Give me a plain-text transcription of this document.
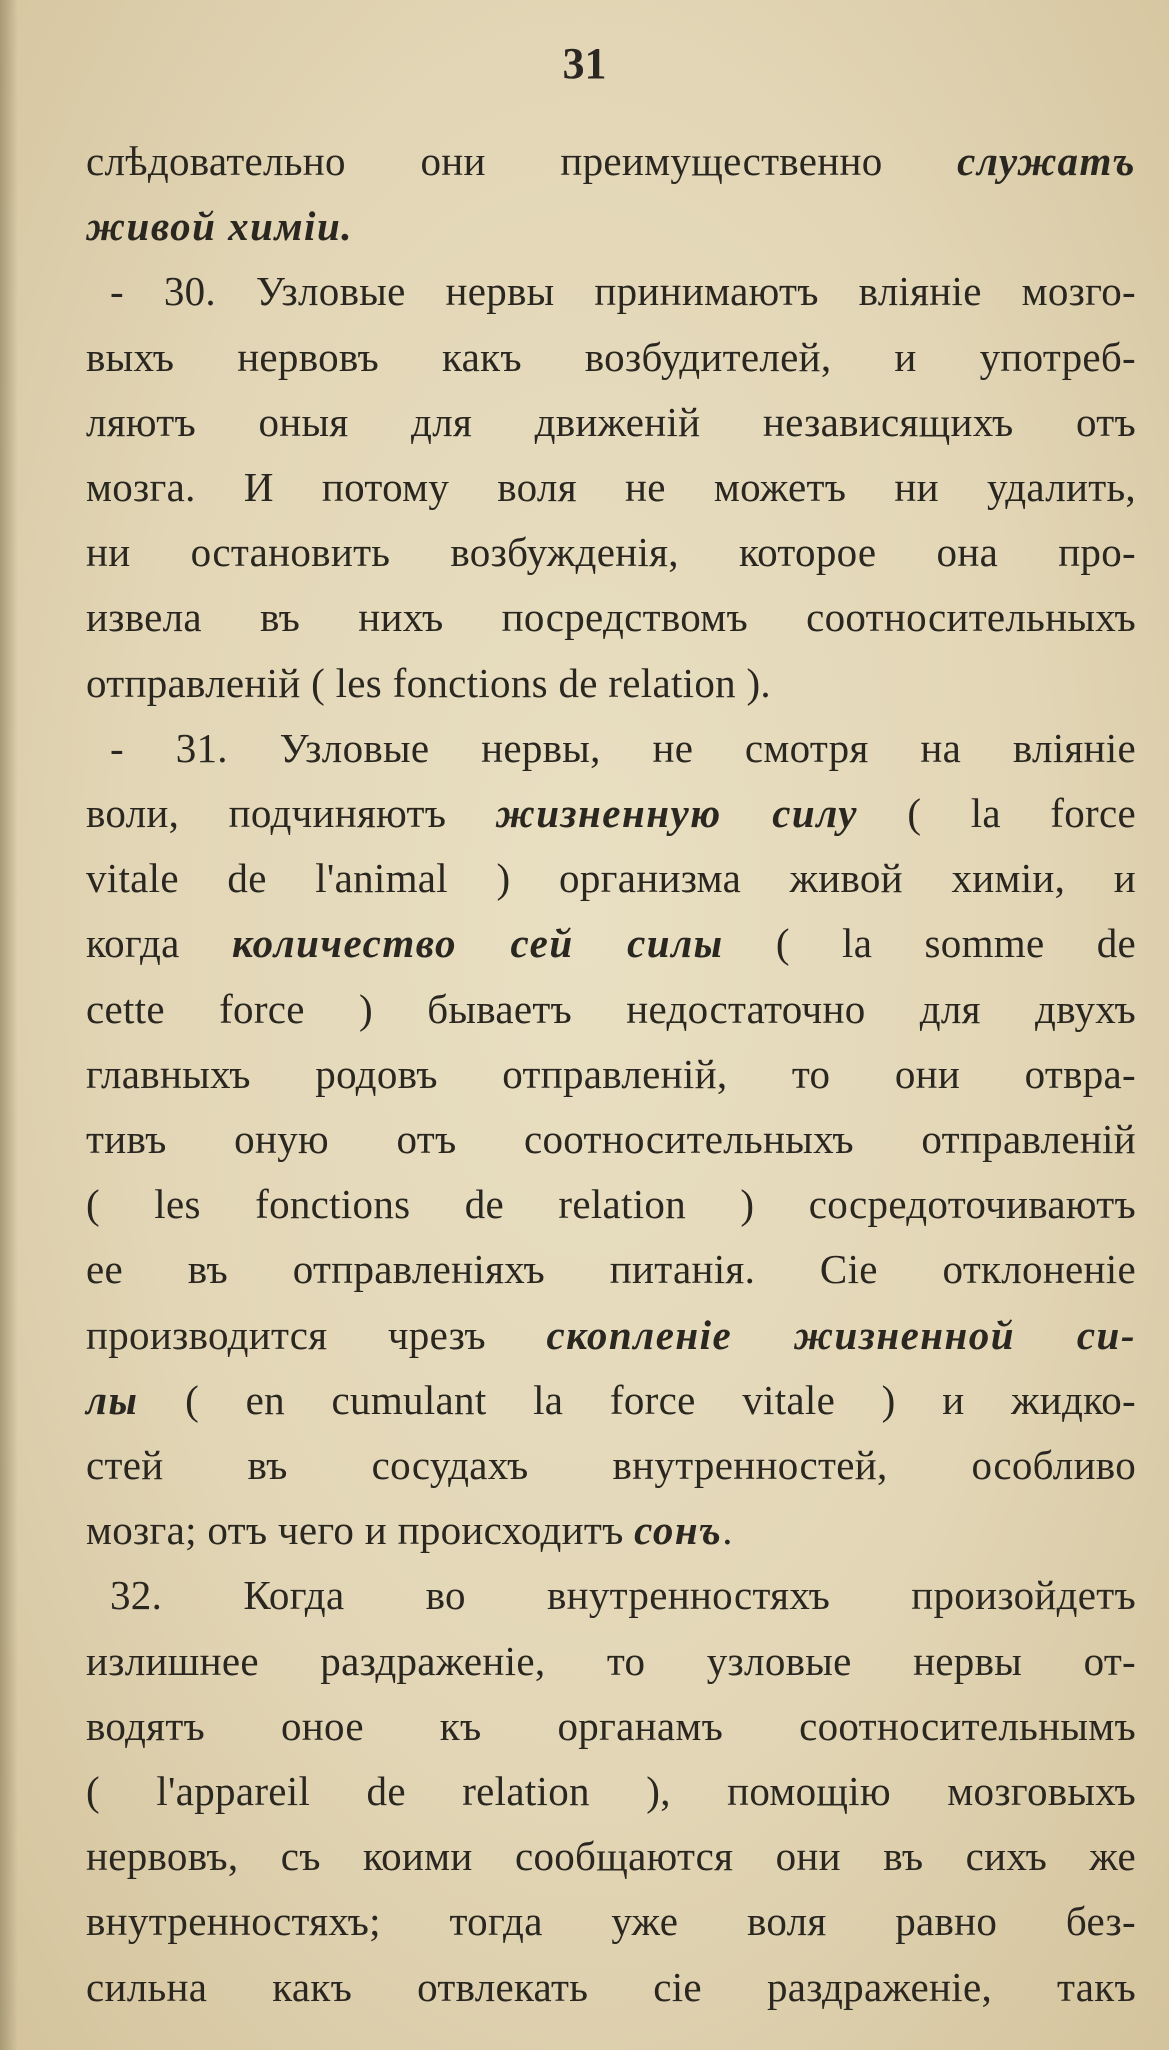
31
слѣдовательно они преимущественно служатъ
живой химіи.
- 30. Узловые нервы принимаютъ вліяніе мозго-
выхъ нервовъ какъ возбудителей, и употреб-
ляютъ оныя для движеній независящихъ отъ
мозга. И потому воля не можетъ ни удалить,
ни остановить возбужденія, которое она про-
извела въ нихъ посредствомъ соотносительныхъ
отправленій ( les fonctions de relation ).
- 31. Узловые нервы, не смотря на вліяніе
воли, подчиняютъ жизненную силу ( la force
vitale de l'animal ) организма живой химіи, и
когда количество сей силы ( la somme de
cette force ) бываетъ недостаточно для двухъ
главныхъ родовъ отправленій, то они отвра-
тивъ оную отъ соотносительныхъ отправленій
( les fonctions de relation ) сосредоточиваютъ
ее въ отправленіяхъ питанія. Сіе отклоненіе
производится чрезъ скопленіе жизненной си-
лы ( en cumulant la force vitale ) и жидко-
стей въ сосудахъ внутренностей, особливо
мозга; отъ чего и происходитъ сонъ.
32. Когда во внутренностяхъ произойдетъ
излишнее раздраженіе, то узловые нервы от-
водятъ оное къ органамъ соотносительнымъ
( l'appareil de relation ), помощію мозговыхъ
нервовъ, съ коими сообщаются они въ сихъ же
внутренностяхъ; тогда уже воля равно без-
сильна какъ отвлекать сіе раздраженіе, такъ
